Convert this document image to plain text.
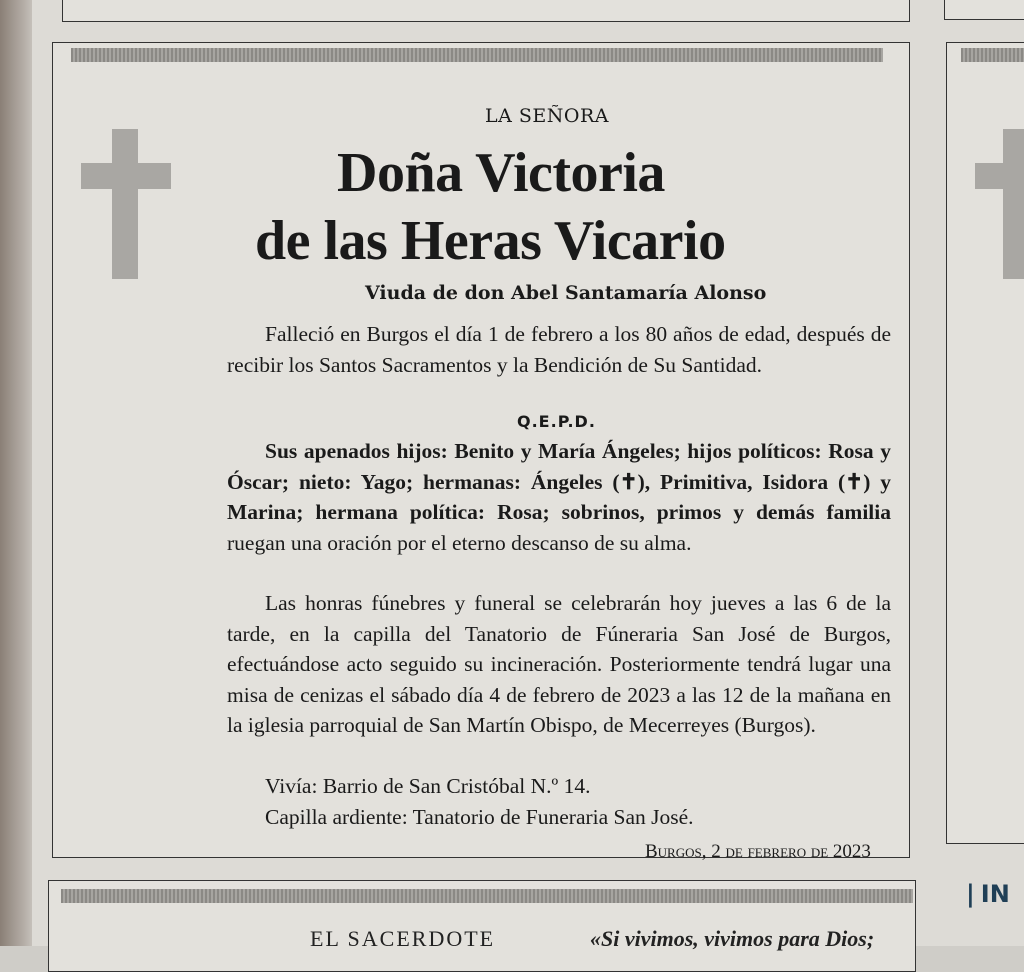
LA SEÑORA
Doña Victoria
de las Heras Vicario
Viuda de don Abel Santamaría Alonso
Falleció en Burgos el día 1 de febrero a los 80 años de edad, después de recibir los Santos Sacramentos y la Bendición de Su Santidad.
Q.E.P.D.
Sus apenados hijos: Benito y María Ángeles; hijos políticos: Rosa y Óscar; nieto: Yago; hermanas: Ángeles (✝), Primitiva, Isidora (✝) y Marina; hermana política: Rosa; sobrinos, primos y demás familia ruegan una oración por el eterno descanso de su alma.
Las honras fúnebres y funeral se celebrarán hoy jueves a las 6 de la tarde, en la capilla del Tanatorio de Fúneraria San José de Burgos, efectuándose acto seguido su incineración. Posteriormente tendrá lugar una misa de cenizas el sábado día 4 de febrero de 2023 a las 12 de la mañana en la iglesia parroquial de San Martín Obispo, de Mecerreyes (Burgos).
Vivía: Barrio de San Cristóbal N.º 14.
Capilla ardiente: Tanatorio de Funeraria San José.
Burgos, 2 de febrero de 2023
| IN
EL SACERDOTE	«Si vivimos, vivimos para Dios;
